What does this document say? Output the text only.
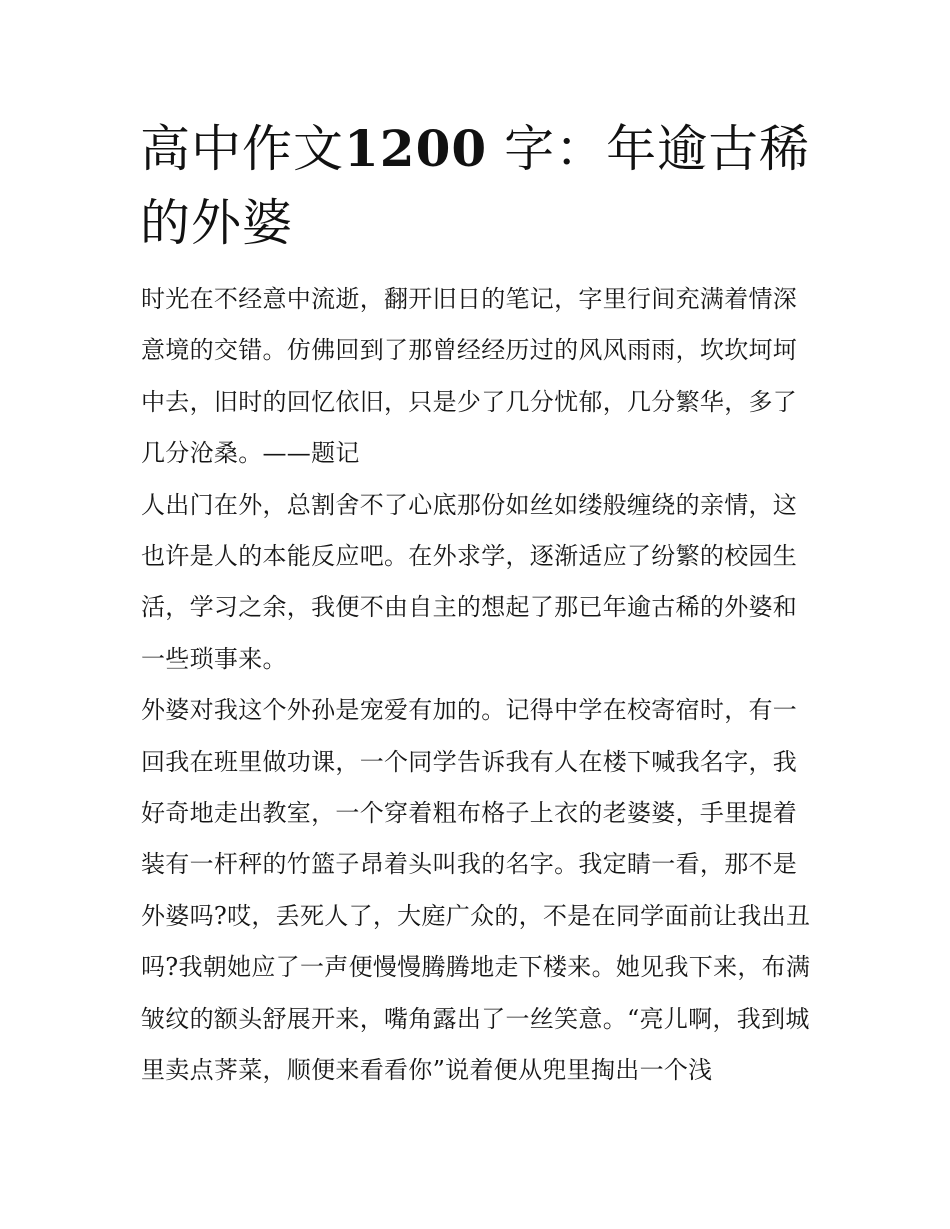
高中作文1200 字：年逾古稀的外婆

时光在不经意中流逝，翻开旧日的笔记，字里行间充满着情深意境的交错。仿佛回到了那曾经经历过的风风雨雨，坎坎坷坷中去，旧时的回忆依旧，只是少了几分忧郁，几分繁华，多了几分沧桑。——题记

人出门在外，总割舍不了心底那份如丝如缕般缠绕的亲情，这也许是人的本能反应吧。在外求学，逐渐适应了纷繁的校园生活，学习之余，我便不由自主的想起了那已年逾古稀的外婆和一些琐事来。

外婆对我这个外孙是宠爱有加的。记得中学在校寄宿时，有一回我在班里做功课，一个同学告诉我有人在楼下喊我名字，我好奇地走出教室，一个穿着粗布格子上衣的老婆婆，手里提着装有一杆秤的竹篮子昂着头叫我的名字。我定睛一看，那不是外婆吗?哎，丢死人了，大庭广众的，不是在同学面前让我出丑吗?我朝她应了一声便慢慢腾腾地走下楼来。她见我下来，布满皱纹的额头舒展开来，嘴角露出了一丝笑意。“亮儿啊，我到城里卖点荠菜，顺便来看看你”说着便从兜里掏出一个浅
